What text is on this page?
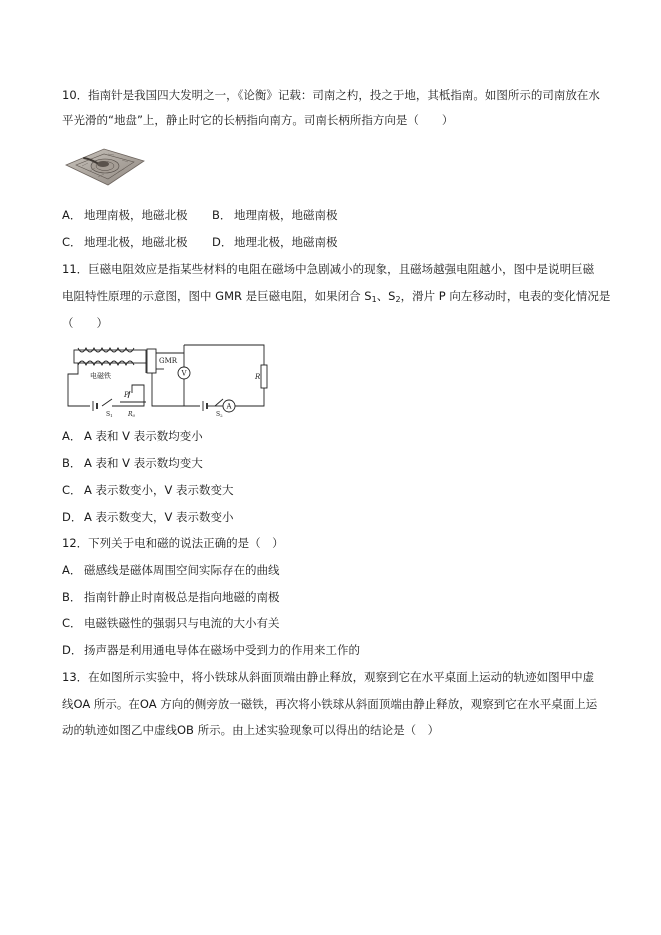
10．指南针是我国四大发明之一，《论衡》记载：司南之杓，投之于地，其柢指南。如图所示的司南放在水
平光滑的“地盘”上，静止时它的长柄指向南方。司南长柄所指方向是（　　）
A． 地理南极，地磁北极 B． 地理南极，地磁南极
C． 地理北极，地磁北极 D． 地理北极，地磁南极
11．巨磁电阻效应是指某些材料的电阻在磁场中急剧减小的现象，且磁场越强电阻越小，图中是说明巨磁
电阻特性原理的示意图，图中 GMR 是巨磁电阻，如果闭合 $S_1$、$S_2$，滑片 P 向左移动时，电表的变化情况是
（　　）
GMR
电磁铁	V
A
R
P
S1	R0	S2
A． A 表和 V 表示数均变小
B． A 表和 V 表示数均变大
C． A 表示数变小，V 表示数变大
D． A 表示数变大，V 表示数变小
12．下列关于电和磁的说法正确的是（　）
A． 磁感线是磁体周围空间实际存在的曲线
B． 指南针静止时南极总是指向地磁的南极
C． 电磁铁磁性的强弱只与电流的大小有关
D． 扬声器是利用通电导体在磁场中受到力的作用来工作的
13．在如图所示实验中，将小铁球从斜面顶端由静止释放，观察到它在水平桌面上运动的轨迹如图甲中虚
线OA 所示。在OA 方向的侧旁放一磁铁，再次将小铁球从斜面顶端由静止释放，观察到它在水平桌面上运
动的轨迹如图乙中虚线OB 所示。由上述实验现象可以得出的结论是（　）
